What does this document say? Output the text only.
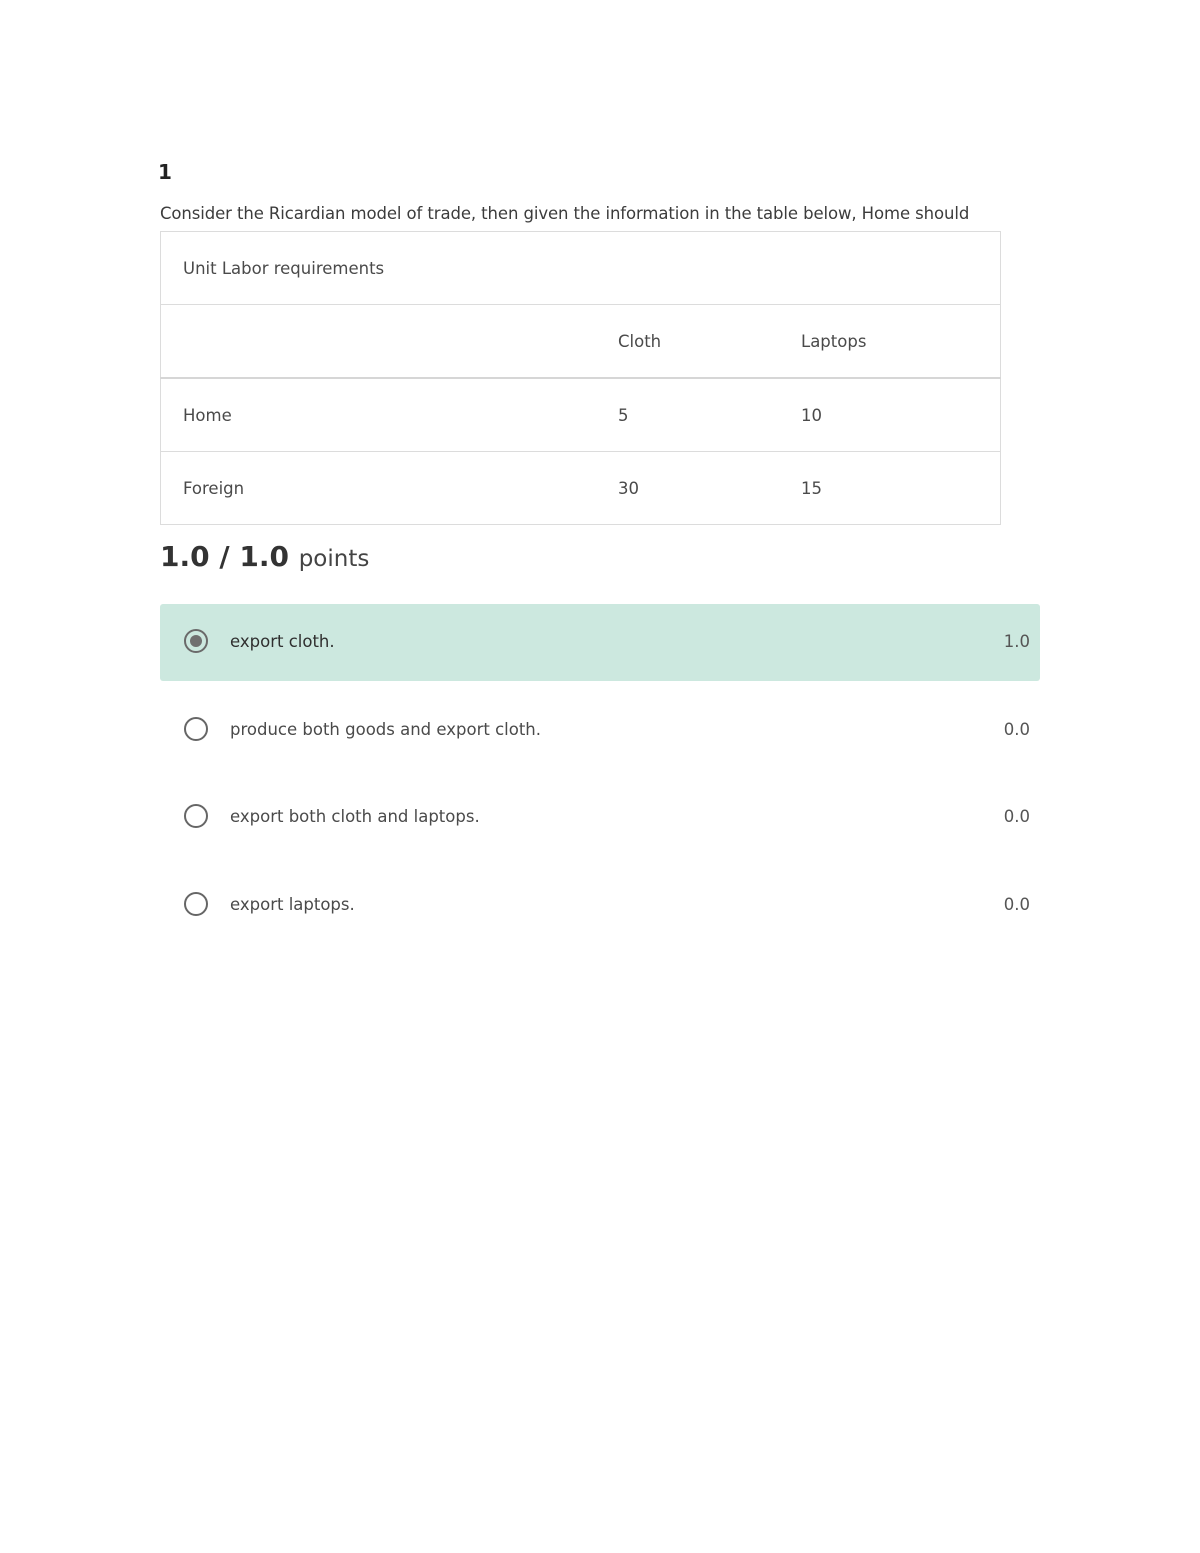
1
Consider the Ricardian model of trade, then given the information in the table below, Home should
Unit Labor requirements		
	Cloth	Laptops
Home	5	10
Foreign	30	15
1.0 / 1.0 points
export cloth.	1.0
produce both goods and export cloth.	0.0
export both cloth and laptops.	0.0
export laptops.	0.0
